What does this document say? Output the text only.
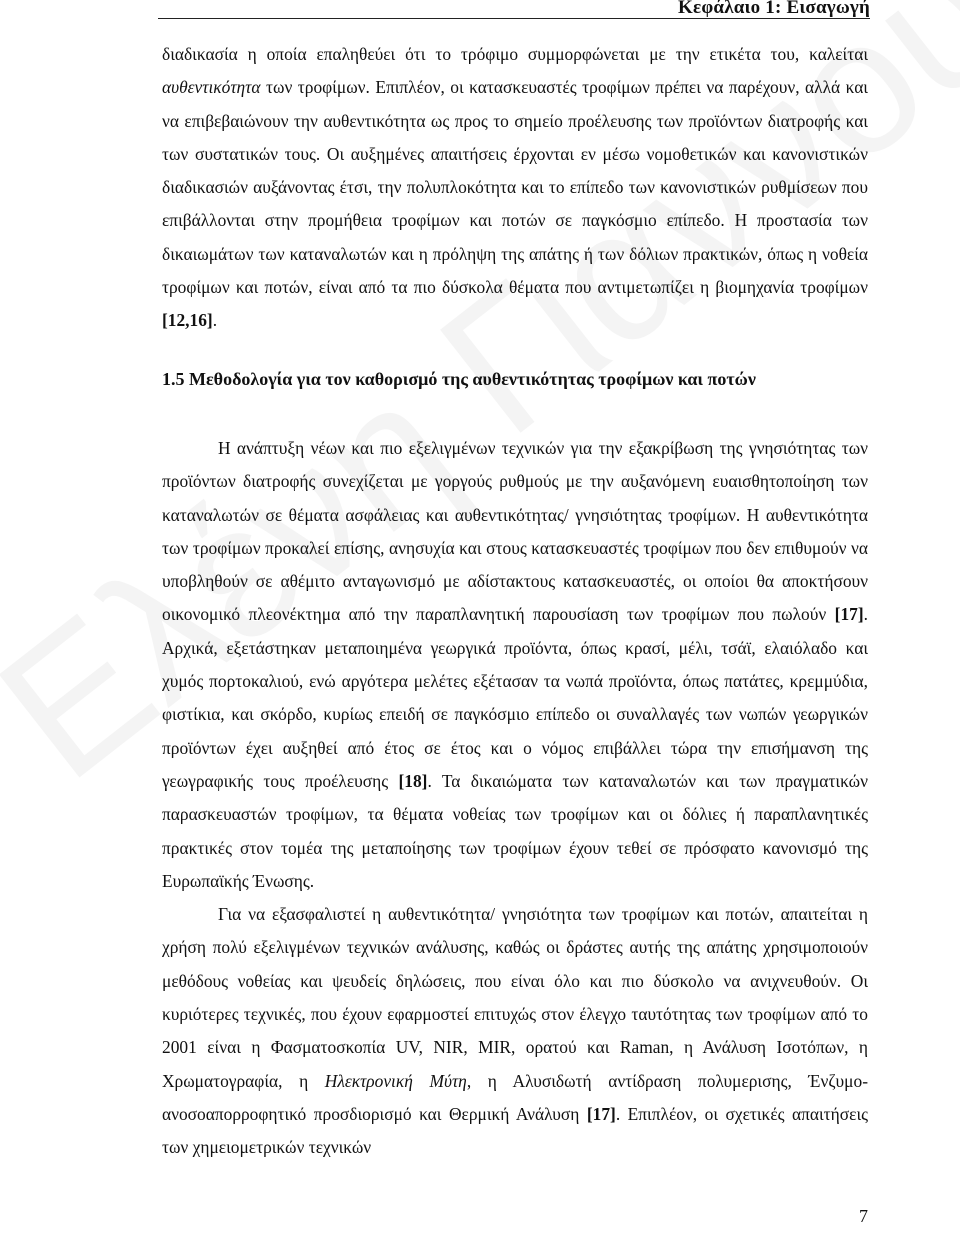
Κεφάλαιο 1: Εισαγωγή

διαδικασία η οποία επαληθεύει ότι το τρόφιμο συμμορφώνεται με την ετικέτα του, καλείται αυθεντικότητα των τροφίμων. Επιπλέον, οι κατασκευαστές τροφίμων πρέπει να παρέχουν, αλλά και να επιβεβαιώνουν την αυθεντικότητα ως προς το σημείο προέλευσης των προϊόντων διατροφής και των συστατικών τους. Οι αυξημένες απαιτήσεις έρχονται εν μέσω νομοθετικών και κανονιστικών διαδικασιών αυξάνοντας έτσι, την πολυπλοκότητα και το επίπεδο των κανονιστικών ρυθμίσεων που επιβάλλονται στην προμήθεια τροφίμων και ποτών σε παγκόσμιο επίπεδο. Η προστασία των δικαιωμάτων των καταναλωτών και η πρόληψη της απάτης ή των δόλιων πρακτικών, όπως η νοθεία τροφίμων και ποτών, είναι από τα πιο δύσκολα θέματα που αντιμετωπίζει η βιομηχανία τροφίμων [12,16].

1.5 Μεθοδολογία για τον καθορισμό της αυθεντικότητας τροφίμων και ποτών

Η ανάπτυξη νέων και πιο εξελιγμένων τεχνικών για την εξακρίβωση της γνησιότητας των προϊόντων διατροφής συνεχίζεται με γοργούς ρυθμούς με την αυξανόμενη ευαισθητοποίηση των καταναλωτών σε θέματα ασφάλειας και αυθεντικότητας/ γνησιότητας τροφίμων. Η αυθεντικότητα των τροφίμων προκαλεί επίσης, ανησυχία και στους κατασκευαστές τροφίμων που δεν επιθυμούν να υποβληθούν σε αθέμιτο ανταγωνισμό με αδίστακτους κατασκευαστές, οι οποίοι θα αποκτήσουν οικονομικό πλεονέκτημα από την παραπλανητική παρουσίαση των τροφίμων που πωλούν [17]. Αρχικά, εξετάστηκαν μεταποιημένα γεωργικά προϊόντα, όπως κρασί, μέλι, τσάϊ, ελαιόλαδο και χυμός πορτοκαλιού, ενώ αργότερα μελέτες εξέτασαν τα νωπά προϊόντα, όπως πατάτες, κρεμμύδια, φιστίκια, και σκόρδο, κυρίως επειδή σε παγκόσμιο επίπεδο οι συναλλαγές των νωπών γεωργικών προϊόντων έχει αυξηθεί από έτος σε έτος και ο νόμος επιβάλλει τώρα την επισήμανση της γεωγραφικής τους προέλευσης [18]. Τα δικαιώματα των καταναλωτών και των πραγματικών παρασκευαστών τροφίμων, τα θέματα νοθείας των τροφίμων και οι δόλιες ή παραπλανητικές πρακτικές στον τομέα της μεταποίησης των τροφίμων έχουν τεθεί σε πρόσφατο κανονισμό της Ευρωπαϊκής Ένωσης.

Για να εξασφαλιστεί η αυθεντικότητα/ γνησιότητα των τροφίμων και ποτών, απαιτείται η χρήση πολύ εξελιγμένων τεχνικών ανάλυσης, καθώς οι δράστες αυτής της απάτης χρησιμοποιούν μεθόδους νοθείας και ψευδείς δηλώσεις, που είναι όλο και πιο δύσκολο να ανιχνευθούν. Οι κυριότερες τεχνικές, που έχουν εφαρμοστεί επιτυχώς στον έλεγχο ταυτότητας των τροφίμων από το 2001 είναι η Φασματοσκοπία UV, NIR, MIR, ορατού και Raman, η Ανάλυση Ισοτόπων, η Χρωματογραφία, η Ηλεκτρονική Μύτη, η Αλυσιδωτή αντίδραση πολυμερισης, Ένζυμο- ανοσοαπορροφητικό προσδιορισμό και Θερμική Ανάλυση [17]. Επιπλέον, οι σχετικές απαιτήσεις των χημειομετρικών τεχνικών

7
